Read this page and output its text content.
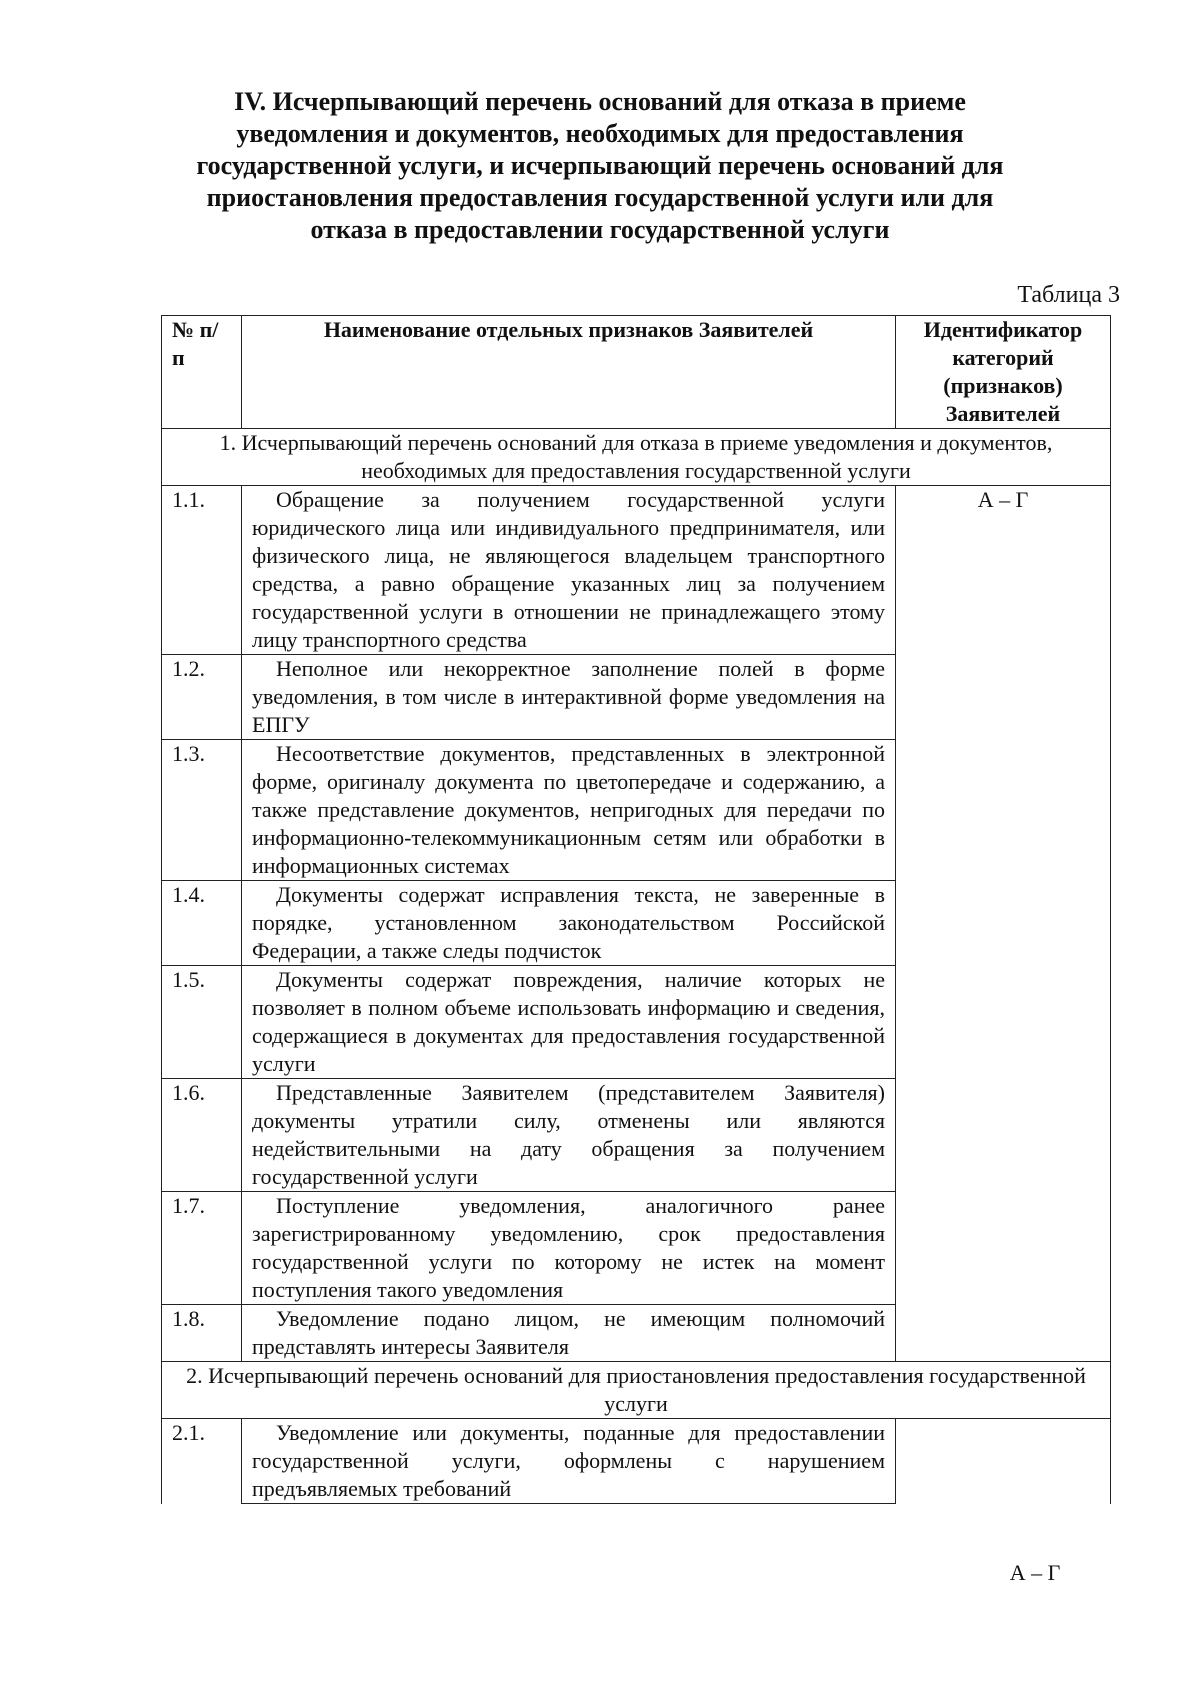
IV. Исчерпывающий перечень оснований для отказа в приеме
уведомления и документов, необходимых для предоставления
государственной услуги, и исчерпывающий перечень оснований для
приостановления предоставления государственной услуги или для
отказа в предоставлении государственной услуги
Таблица 3
№ п/п	Наименование отдельных признаков Заявителей	Идентификатор категорий (признаков) Заявителей
1. Исчерпывающий перечень оснований для отказа в приеме уведомления и документов, необходимых для предоставления государственной услуги		
1.1.	Обращение за получением государственной услуги юридического лица или индивидуального предпринимателя, или физического лица, не являющегося владельцем транспортного средства, а равно обращение указанных лиц за получением государственной услуги в отношении не принадлежащего этому лицу транспортного средства	А – Г
1.2.	Неполное или некорректное заполнение полей в форме уведомления, в том числе в интерактивной форме уведомления на ЕПГУ	
1.3.	Несоответствие документов, представленных в электронной форме, оригиналу документа по цветопередаче и содержанию, а также представление документов, непригодных для передачи по информационно-телекоммуникационным сетям или обработки в информационных системах	
1.4.	Документы содержат исправления текста, не заверенные в порядке, установленном законодательством Российской Федерации, а также следы подчисток	
1.5.	Документы содержат повреждения, наличие которых не позволяет в полном объеме использовать информацию и сведения, содержащиеся в документах для предоставления государственной услуги	
1.6.	Представленные Заявителем (представителем Заявителя) документы утратили силу, отменены или являются недействительными на дату обращения за получением государственной услуги	
1.7.	Поступление уведомления, аналогичного ранее зарегистрированному уведомлению, срок предоставления государственной услуги по которому не истек на момент поступления такого уведомления	
1.8.	Уведомление подано лицом, не имеющим полномочий представлять интересы Заявителя	
2. Исчерпывающий перечень оснований для приостановления предоставления государственной услуги		
2.1.	Уведомление или документы, поданные для предоставлении государственной услуги, оформлены с нарушением предъявляемых требований	
А – Г
